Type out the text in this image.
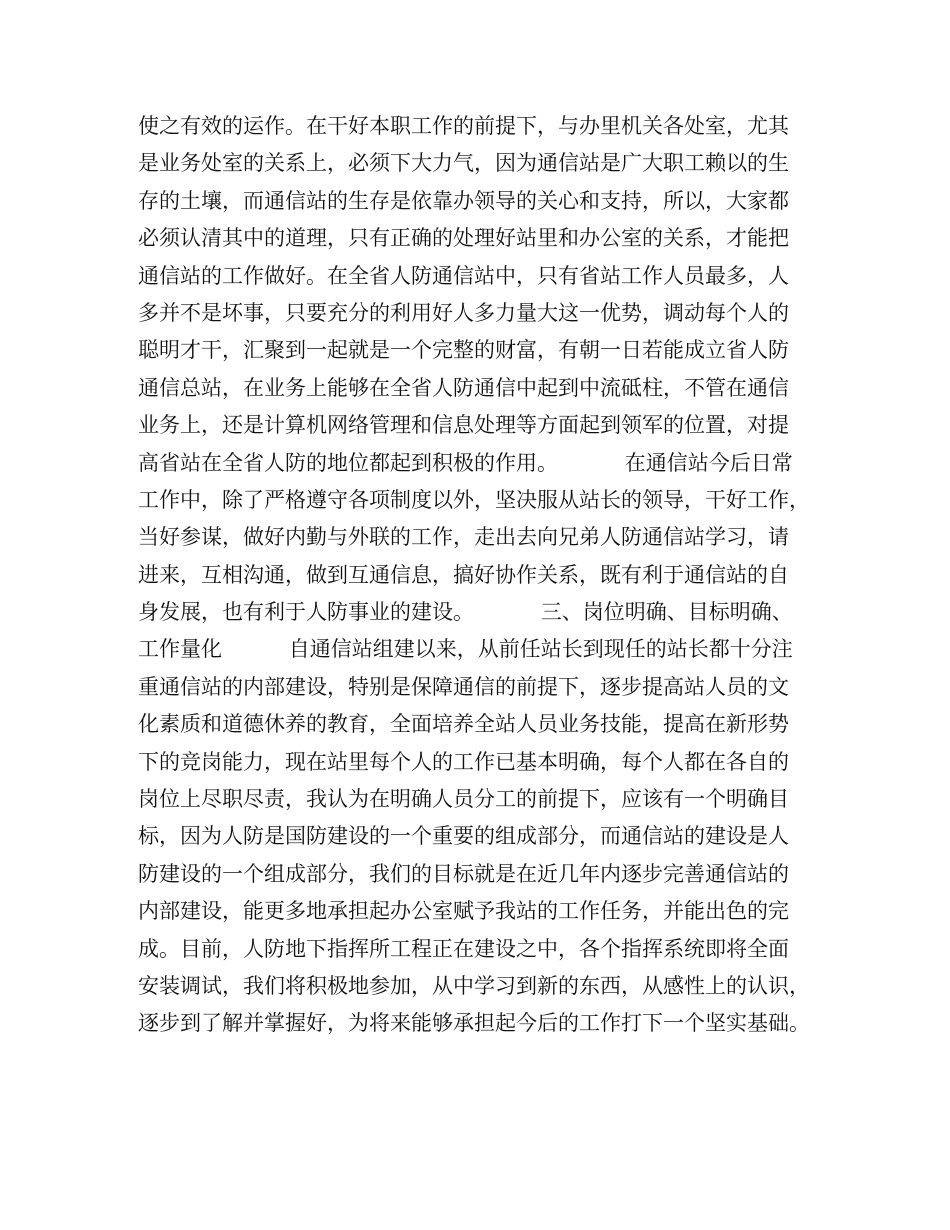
使之有效的运作。在干好本职工作的前提下，与办里机关各处室，尤其
是业务处室的关系上，必须下大力气，因为通信站是广大职工赖以的生
存的土壤，而通信站的生存是依靠办领导的关心和支持，所以，大家都
必须认清其中的道理，只有正确的处理好站里和办公室的关系，才能把
通信站的工作做好。在全省人防通信站中，只有省站工作人员最多，人
多并不是坏事，只要充分的利用好人多力量大这一优势，调动每个人的
聪明才干，汇聚到一起就是一个完整的财富，有朝一日若能成立省人防
通信总站，在业务上能够在全省人防通信中起到中流砥柱，不管在通信
业务上，还是计算机网络管理和信息处理等方面起到领军的位置，对提
高省站在全省人防的地位都起到积极的作用。          在通信站今后日常
工作中，除了严格遵守各项制度以外，坚决服从站长的领导，干好工作，
当好参谋，做好内勤与外联的工作，走出去向兄弟人防通信站学习，请
进来，互相沟通，做到互通信息，搞好协作关系，既有利于通信站的自
身发展，也有利于人防事业的建设。          三、岗位明确、目标明确、
工作量化          自通信站组建以来，从前任站长到现任的站长都十分注
重通信站的内部建设，特别是保障通信的前提下，逐步提高站人员的文
化素质和道德休养的教育，全面培养全站人员业务技能，提高在新形势
下的竞岗能力，现在站里每个人的工作已基本明确，每个人都在各自的
岗位上尽职尽责，我认为在明确人员分工的前提下，应该有一个明确目
标，因为人防是国防建设的一个重要的组成部分，而通信站的建设是人
防建设的一个组成部分，我们的目标就是在近几年内逐步完善通信站的
内部建设，能更多地承担起办公室赋予我站的工作任务，并能出色的完
成。目前，人防地下指挥所工程正在建设之中，各个指挥系统即将全面
安装调试，我们将积极地参加，从中学习到新的东西，从感性上的认识，
逐步到了解并掌握好，为将来能够承担起今后的工作打下一个坚实基础。
